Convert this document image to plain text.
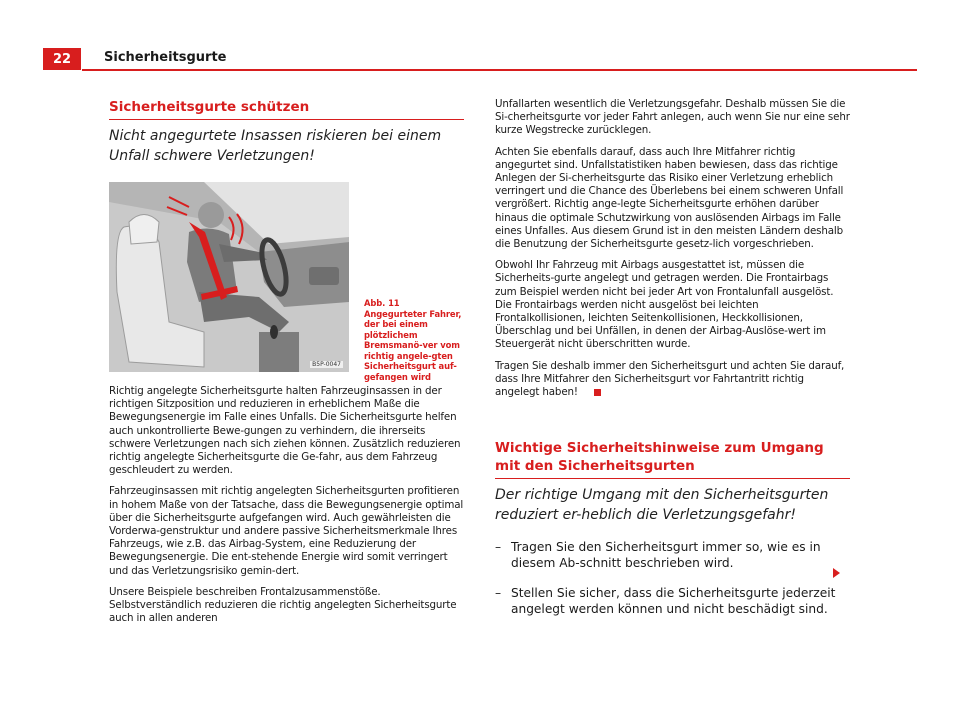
22	Sicherheitsgurte
Sicherheitsgurte schützen

Nicht angegurtete Insassen riskieren bei einem Unfall schwere Verletzungen!

B5P-0047
Abb. 11 Angegurteter Fahrer, der bei einem plötzlichem Bremsmanö-ver vom richtig angele-gten Sicherheitsgurt auf-gefangen wird

Richtig angelegte Sicherheitsgurte halten Fahrzeuginsassen in der richtigen Sitzposition und reduzieren in erheblichem Maße die Bewegungsenergie im Falle eines Unfalls. Die Sicherheitsgurte helfen auch unkontrollierte Bewe-gungen zu verhindern, die ihrerseits schwere Verletzungen nach sich ziehen können. Zusätzlich reduzieren richtig angelegte Sicherheitsgurte die Ge-fahr, aus dem Fahrzeug geschleudert zu werden.

Fahrzeuginsassen mit richtig angelegten Sicherheitsgurten profitieren in hohem Maße von der Tatsache, dass die Bewegungsenergie optimal über die Sicherheitsgurte aufgefangen wird. Auch gewährleisten die Vorderwa-genstruktur und andere passive Sicherheitsmerkmale Ihres Fahrzeugs, wie z.B. das Airbag-System, eine Reduzierung der Bewegungsenergie. Die ent-stehende Energie wird somit verringert und das Verletzungsrisiko gemin-dert.

Unsere Beispiele beschreiben Frontalzusammenstöße. Selbstverständlich reduzieren die richtig angelegten Sicherheitsgurte auch in allen anderen

Unfallarten wesentlich die Verletzungsgefahr. Deshalb müssen Sie die Si-cherheitsgurte vor jeder Fahrt anlegen, auch wenn Sie nur eine sehr kurze Wegstrecke zurücklegen.

Achten Sie ebenfalls darauf, dass auch Ihre Mitfahrer richtig angegurtet sind. Unfallstatistiken haben bewiesen, dass das richtige Anlegen der Si-cherheitsgurte das Risiko einer Verletzung erheblich verringert und die Chance des Überlebens bei einem schweren Unfall vergrößert. Richtig ange-legte Sicherheitsgurte erhöhen darüber hinaus die optimale Schutzwirkung von auslösenden Airbags im Falle eines Unfalles. Aus diesem Grund ist in den meisten Ländern deshalb die Benutzung der Sicherheitsgurte gesetz-lich vorgeschrieben.

Obwohl Ihr Fahrzeug mit Airbags ausgestattet ist, müssen die Sicherheits-gurte angelegt und getragen werden. Die Frontairbags zum Beispiel werden nicht bei jeder Art von Frontalunfall ausgelöst. Die Frontairbags werden nicht ausgelöst bei leichten Frontalkollisionen, leichten Seitenkollisionen, Heckkollisionen, Überschlag und bei Unfällen, in denen der Airbag-Auslöse-wert im Steuergerät nicht überschritten wurde.

Tragen Sie deshalb immer den Sicherheitsgurt und achten Sie darauf, dass Ihre Mitfahrer den Sicherheitsgurt vor Fahrtantritt richtig angelegt haben!

Wichtige Sicherheitshinweise zum Umgang mit den Sicherheitsgurten

Der richtige Umgang mit den Sicherheitsgurten reduziert er-heblich die Verletzungsgefahr!

– Tragen Sie den Sicherheitsgurt immer so, wie es in diesem Ab-schnitt beschrieben wird.
– Stellen Sie sicher, dass die Sicherheitsgurte jederzeit angelegt werden können und nicht beschädigt sind.
